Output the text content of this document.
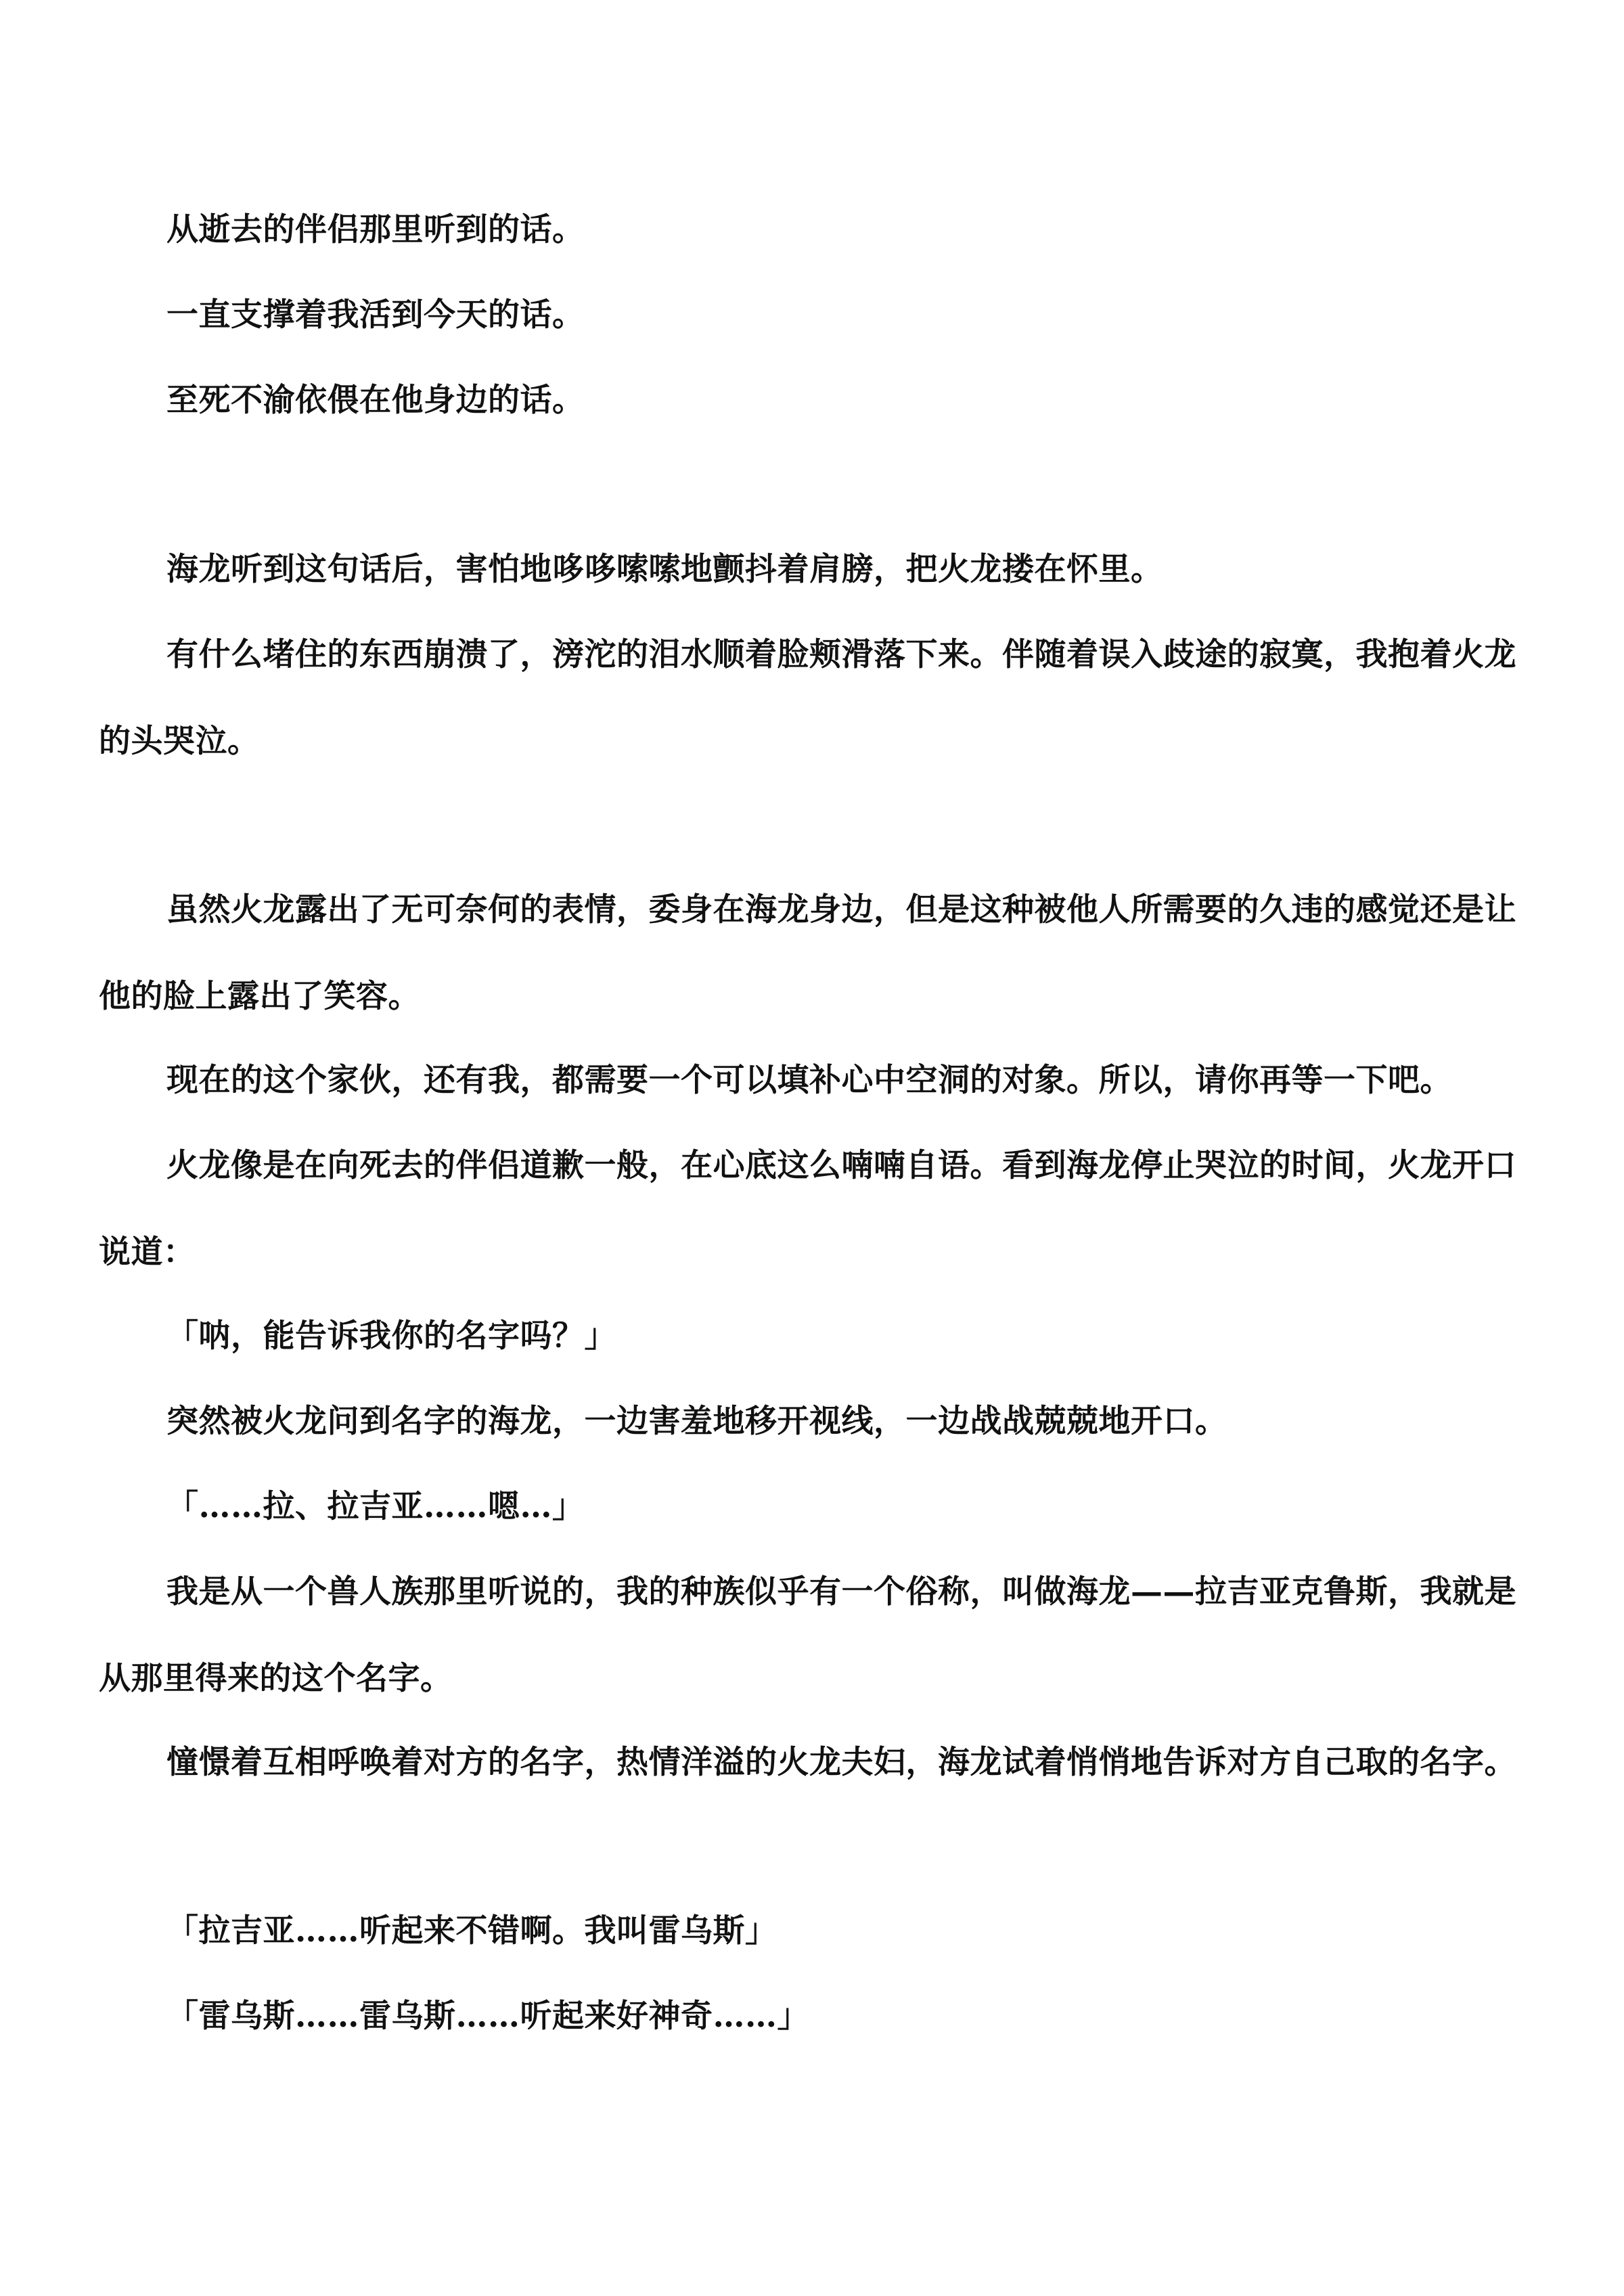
从逝去的伴侣那里听到的话。

一直支撑着我活到今天的话。

至死不渝依偎在他身边的话。

海龙听到这句话后，害怕地哆哆嗦嗦地颤抖着肩膀，把火龙搂在怀里。

有什么堵住的东西崩溃了，滂沱的泪水顺着脸颊滑落下来。伴随着误入歧途的寂寞，我抱着火龙的头哭泣。

虽然火龙露出了无可奈何的表情，委身在海龙身边，但是这种被他人所需要的久违的感觉还是让他的脸上露出了笑容。

现在的这个家伙，还有我，都需要一个可以填补心中空洞的对象。所以，请你再等一下吧。

火龙像是在向死去的伴侣道歉一般，在心底这么喃喃自语。看到海龙停止哭泣的时间，火龙开口说道：

「呐，能告诉我你的名字吗？」

突然被火龙问到名字的海龙，一边害羞地移开视线，一边战战兢兢地开口。

「……拉、拉吉亚……嗯…」

我是从一个兽人族那里听说的，我的种族似乎有一个俗称，叫做海龙——拉吉亚克鲁斯，我就是从那里得来的这个名字。

憧憬着互相呼唤着对方的名字，热情洋溢的火龙夫妇，海龙试着悄悄地告诉对方自己取的名字。

「拉吉亚……听起来不错啊。我叫雷乌斯」

「雷乌斯……雷乌斯……听起来好神奇……」
